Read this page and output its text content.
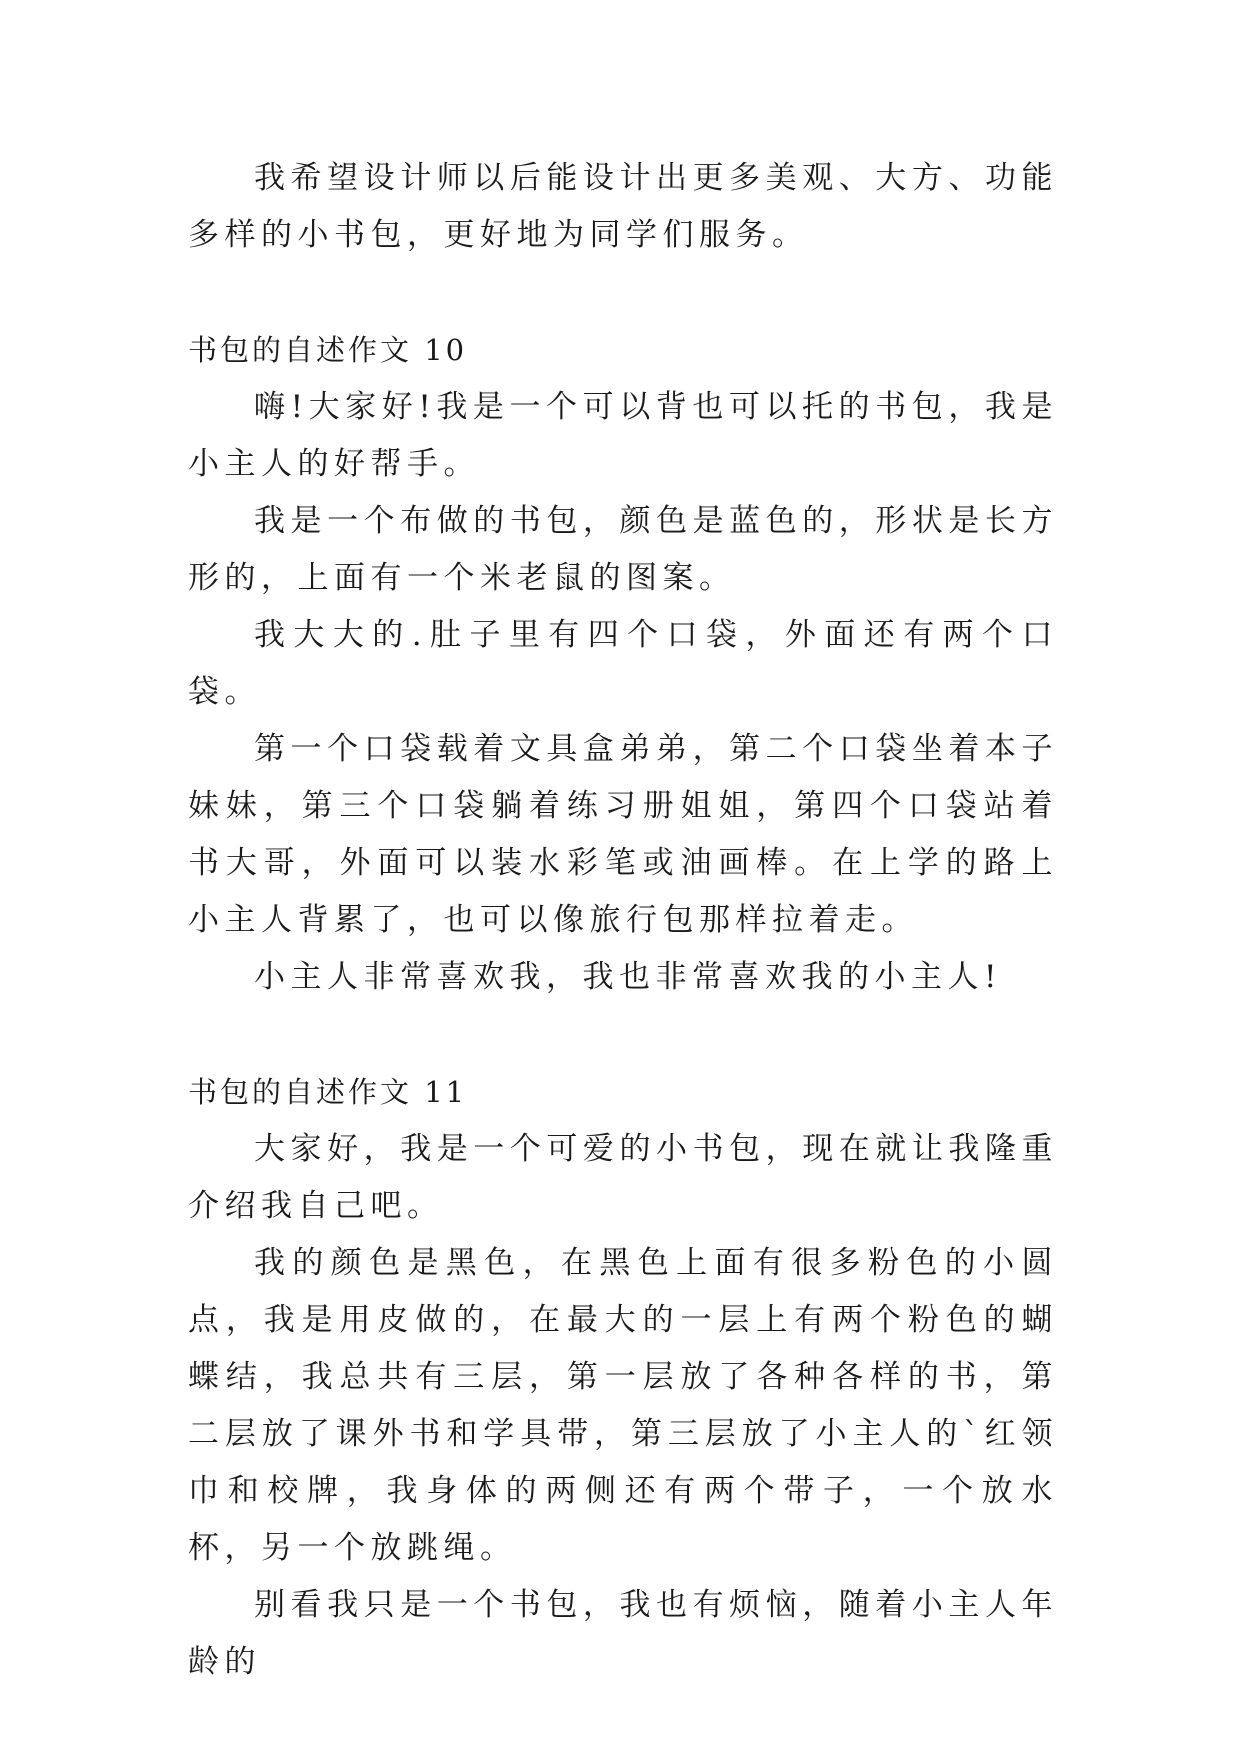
我希望设计师以后能设计出更多美观、大方、功能多样的小书包，更好地为同学们服务。

书包的自述作文 10

嗨!大家好!我是一个可以背也可以托的书包，我是小主人的好帮手。

我是一个布做的书包，颜色是蓝色的，形状是长方形的，上面有一个米老鼠的图案。

我大大的.肚子里有四个口袋，外面还有两个口袋。

第一个口袋载着文具盒弟弟，第二个口袋坐着本子妹妹，第三个口袋躺着练习册姐姐，第四个口袋站着书大哥，外面可以装水彩笔或油画棒。在上学的路上小主人背累了，也可以像旅行包那样拉着走。

小主人非常喜欢我，我也非常喜欢我的小主人!

书包的自述作文 11

大家好，我是一个可爱的小书包，现在就让我隆重介绍我自己吧。

我的颜色是黑色，在黑色上面有很多粉色的小圆点，我是用皮做的，在最大的一层上有两个粉色的蝴蝶结，我总共有三层，第一层放了各种各样的书，第二层放了课外书和学具带，第三层放了小主人的`红领巾和校牌，我身体的两侧还有两个带子，一个放水杯，另一个放跳绳。

别看我只是一个书包，我也有烦恼，随着小主人年龄的
